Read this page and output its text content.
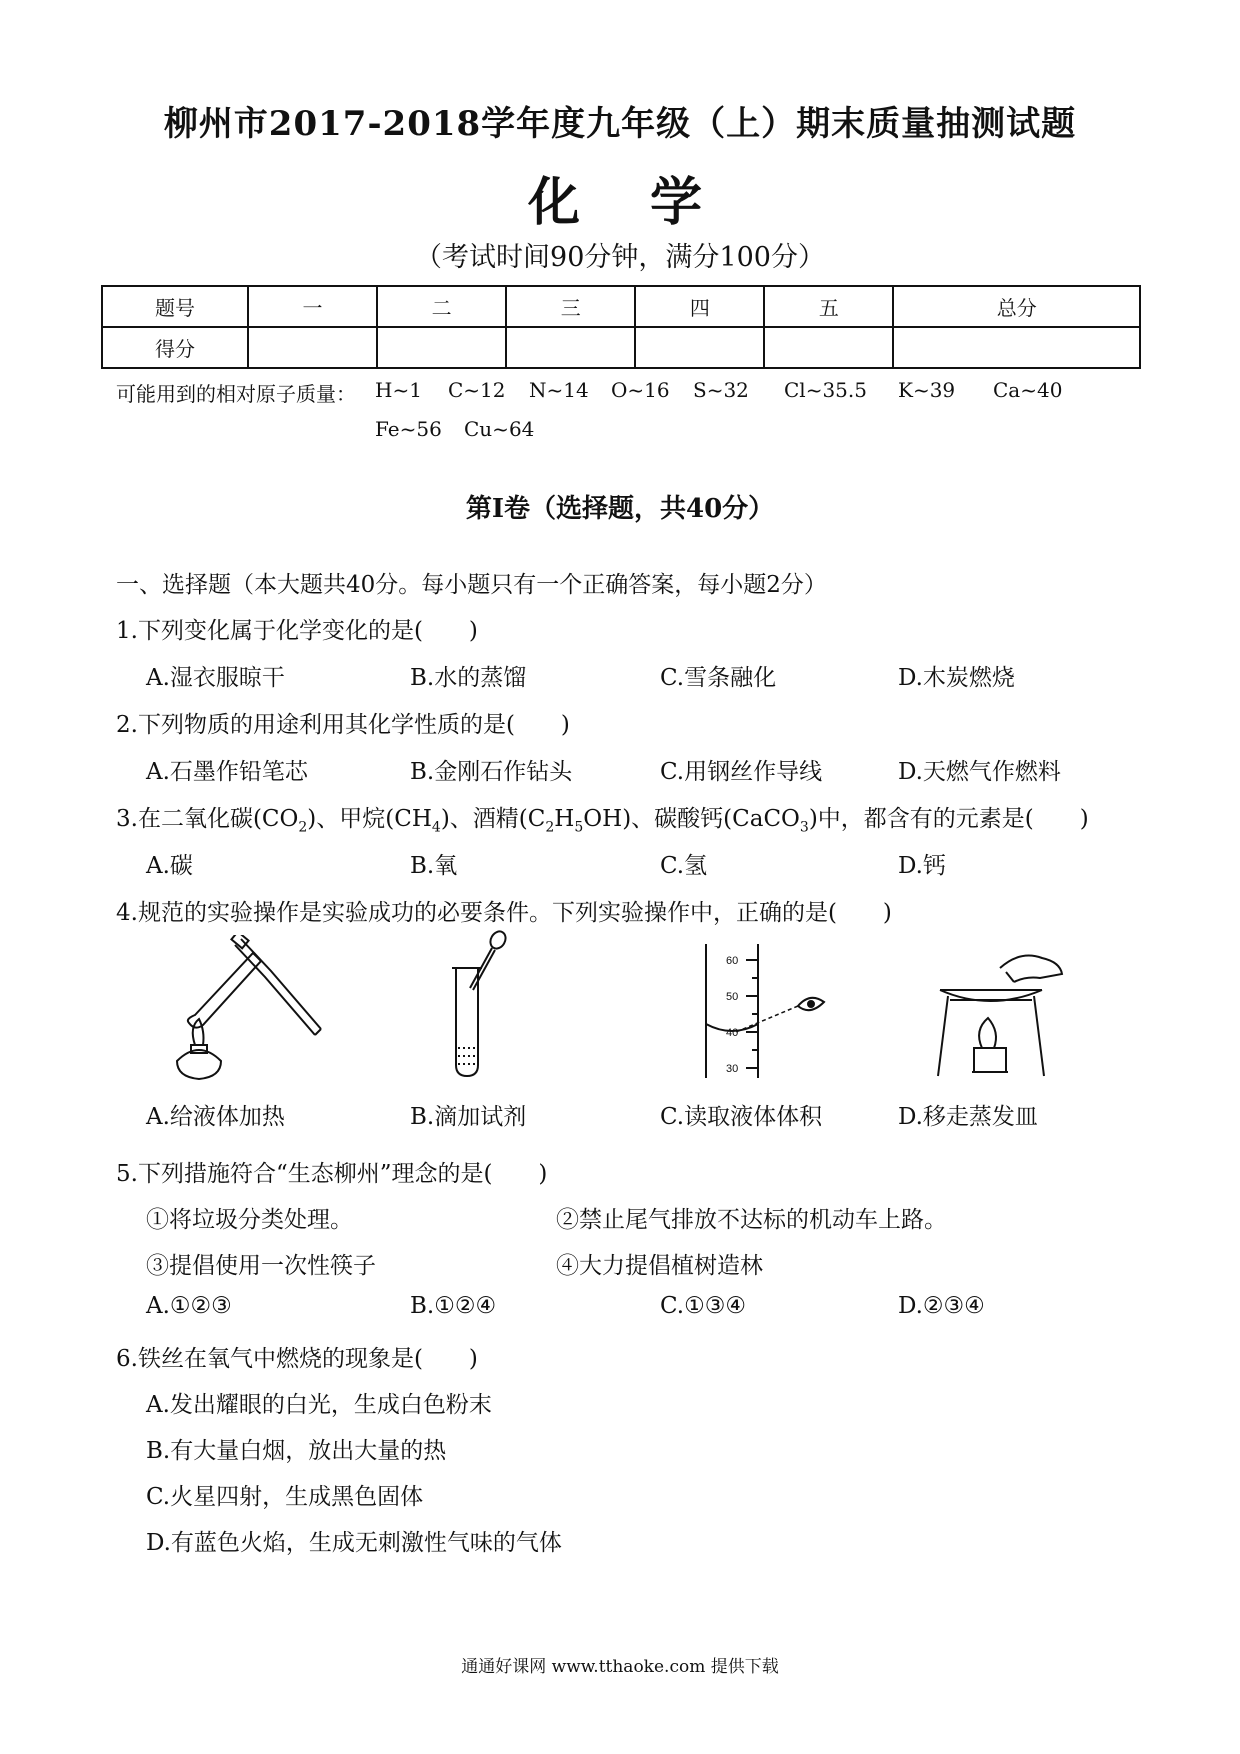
柳州市2017-2018学年度九年级（上）期末质量抽测试题
化学
（考试时间90分钟，满分100分）
题号	一	二	三	四	五	总分
得分						
可能用到的相对原子质量： H~1 C~12 N~14 O~16 S~32 Cl~35.5 K~39 Ca~40
Fe~56 Cu~64
第I卷（选择题，共40分）
一、选择题（本大题共40分。每小题只有一个正确答案，每小题2分）
1.下列变化属于化学变化的是(　　)
A.湿衣服晾干	B.水的蒸馏	C.雪条融化	D.木炭燃烧
2.下列物质的用途利用其化学性质的是(　　)
A.石墨作铅笔芯	B.金刚石作钻头	C.用钢丝作导线	D.天燃气作燃料
3.在二氧化碳$(CO_2)$、甲烷$(CH_4)$、酒精$(C_2H_5OH)$、碳酸钙(CaCO$_3$)中，都含有的元素是(　　)
A.碳	B.氧	C.氢	D.钙
4.规范的实验操作是实验成功的必要条件。下列实验操作中，正确的是(　　)
60
50
40
30
A.给液体加热	B.滴加试剂	C.读取液体体积	D.移走蒸发皿
5.下列措施符合“生态柳州”理念的是(　　)
①将垃圾分类处理。	②禁止尾气排放不达标的机动车上路。
③提倡使用一次性筷子	④大力提倡植树造林
A.①②③	B.①②④	C.①③④	D.②③④
6.铁丝在氧气中燃烧的现象是(　　)
A.发出耀眼的白光，生成白色粉末
B.有大量白烟，放出大量的热
C.火星四射，生成黑色固体
D.有蓝色火焰，生成无刺激性气味的气体
通通好课网 www.tthaoke.com 提供下载
